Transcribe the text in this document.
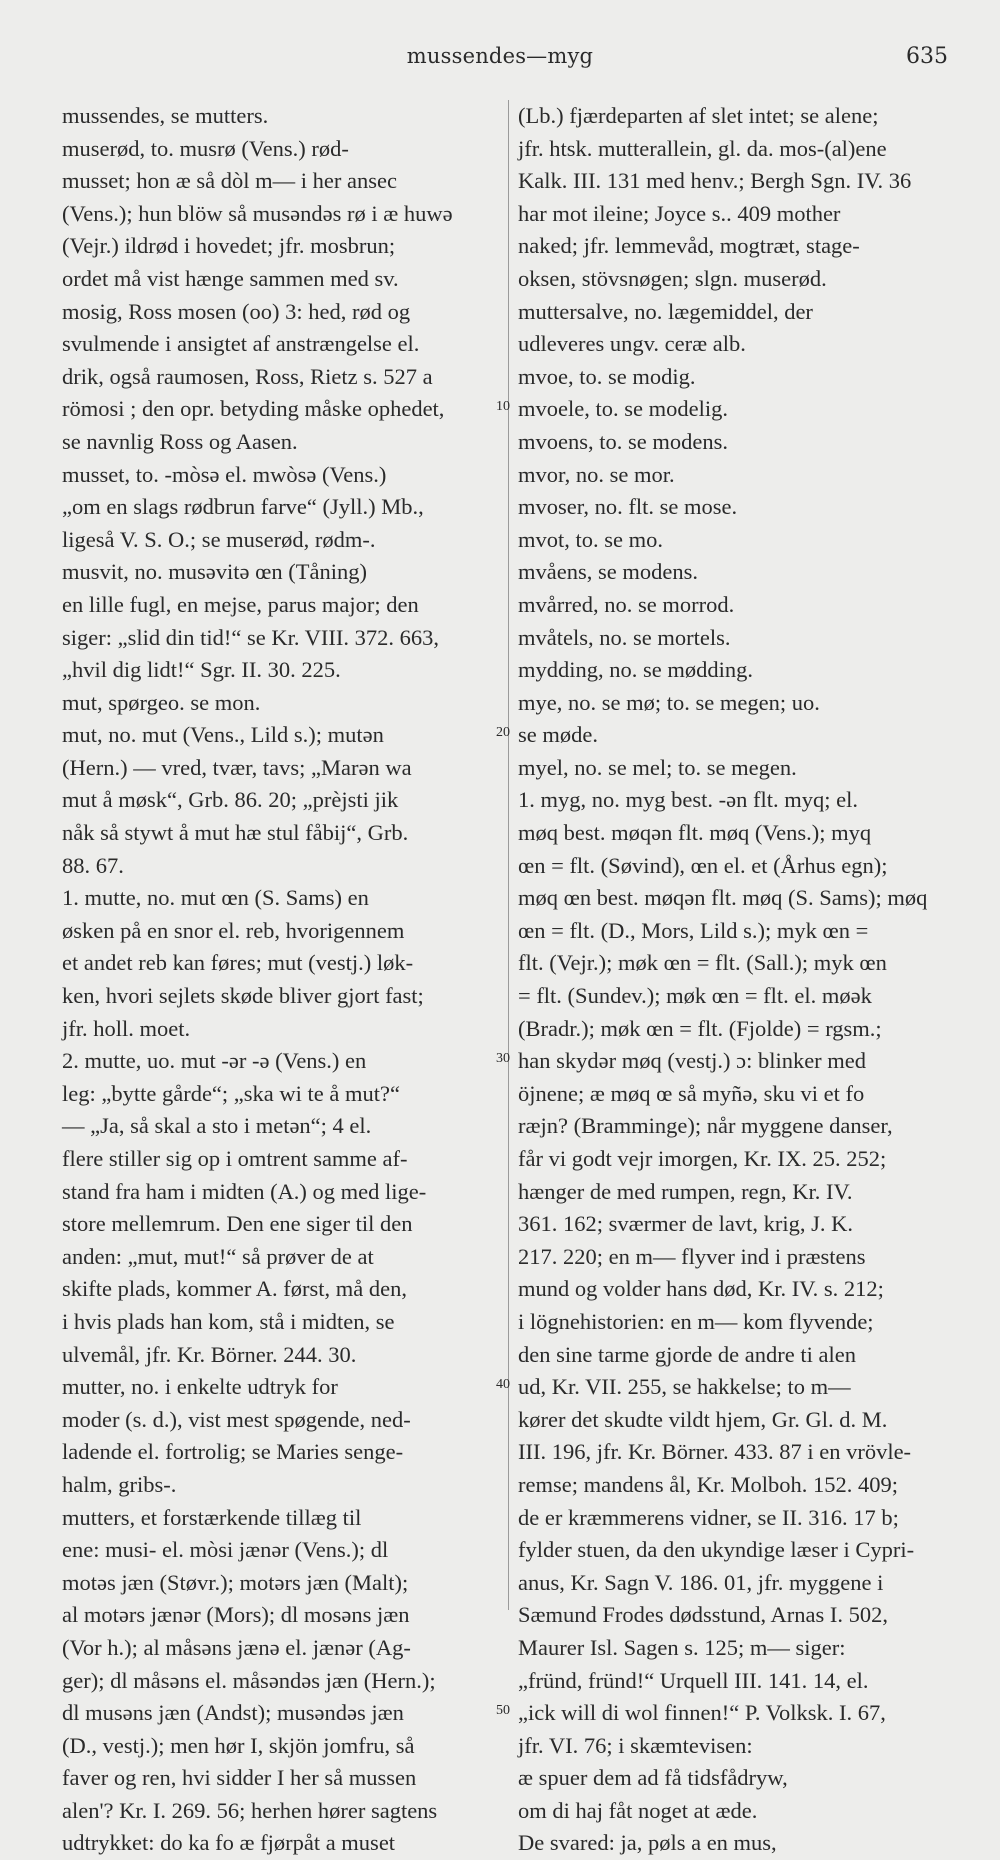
mussendes—myg	635
mussendes, se mutters.
muserød, to. musrø (Vens.) rød-
musset; hon æ så dòl m— i her ansec
(Vens.); hun blöw så musəndəs rø i æ huwə
(Vejr.) ildrød i hovedet; jfr. mosbrun;
ordet må vist hænge sammen med sv.
mosig, Ross mosen (oo) 3: hed, rød og
svulmende i ansigtet af anstrængelse el.
drik, også raumosen, Ross, Rietz s. 527 a
römosi ; den opr. betyding måske ophedet,
se navnlig Ross og Aasen.
musset, to. -mòsə el. mwòsə (Vens.)
„om en slags rødbrun farve“ (Jyll.) Mb.,
ligeså V. S. O.; se muserød, rødm-.
musvit, no. musəvitə œn (Tåning)
en lille fugl, en mejse, parus major; den
siger: „slid din tid!“ se Kr. VIII. 372. 663,
„hvil dig lidt!“ Sgr. II. 30. 225.
mut, spørgeo. se mon.
mut, no. mut (Vens., Lild s.); mutən
(Hern.) — vred, tvær, tavs; „Marən wa
mut å møsk“, Grb. 86. 20; „prèjsti jik
nåk så stywt å mut hæ stul fåbij“, Grb.
88. 67.
1. mutte, no. mut œn (S. Sams) en
øsken på en snor el. reb, hvorigennem
et andet reb kan føres; mut (vestj.) løk-
ken, hvori sejlets skøde bliver gjort fast;
jfr. holl. moet.
2. mutte, uo. mut -ər -ə (Vens.) en
leg: „bytte gårde“; „ska wi te å mut?“
— „Ja, så skal a sto i metən“; 4 el.
flere stiller sig op i omtrent samme af-
stand fra ham i midten (A.) og med lige-
store mellemrum. Den ene siger til den
anden: „mut, mut!“ så prøver de at
skifte plads, kommer A. først, må den,
i hvis plads han kom, stå i midten, se
ulvemål, jfr. Kr. Börner. 244. 30.
mutter, no. i enkelte udtryk for
moder (s. d.), vist mest spøgende, ned-
ladende el. fortrolig; se Maries senge-
halm, gribs-.
mutters, et forstærkende tillæg til
ene: musi- el. mòsi jænər (Vens.); dl
motəs jæn (Støvr.); motərs jæn (Malt);
al motərs jænər (Mors); dl mosəns jæn
(Vor h.); al måsəns jænə el. jænər (Ag-
ger); dl måsəns el. måsəndəs jæn (Hern.);
dl musəns jæn (Andst); musəndəs jæn
(D., vestj.); men hør I, skjön jomfru, så
faver og ren, hvi sidder I her så mussen
alen'? Kr. I. 269. 56; herhen hører sagtens
udtrykket: do ka fo æ fjørpåt a muset
(Lb.) fjærdeparten af slet intet; se alene;
jfr. htsk. mutterallein, gl. da. mos-(al)ene
Kalk. III. 131 med henv.; Bergh Sgn. IV. 36
har mot ileine; Joyce s.. 409 mother
naked; jfr. lemmevåd, mogtræt, stage-
oksen, stövsnøgen; slgn. muserød.
muttersalve, no. lægemiddel, der
udleveres ungv. ceræ alb.
mvoe, to. se modig.
mvoele, to. se modelig.
mvoens, to. se modens.
mvor, no. se mor.
mvoser, no. flt. se mose.
mvot, to. se mo.
mvåens, se modens.
mvårred, no. se morrod.
mvåtels, no. se mortels.
mydding, no. se mødding.
mye, no. se mø; to. se megen; uo.
se møde.
myel, no. se mel; to. se megen.
1. myg, no. myg best. -ən flt. myq; el.
møq best. møqən flt. møq (Vens.); myq
œn = flt. (Søvind), œn el. et (Århus egn);
møq œn best. møqən flt. møq (S. Sams); møq
œn = flt. (D., Mors, Lild s.); myk œn =
flt. (Vejr.); møk œn = flt. (Sall.); myk œn
= flt. (Sundev.); møk œn = flt. el. møək
(Bradr.); møk œn = flt. (Fjolde) = rgsm.;
han skydər møq (vestj.) ɔ: blinker med
öjnene; æ møq œ så myñə, sku vi et fo
ræjn? (Bramminge); når myggene danser,
får vi godt vejr imorgen, Kr. IX. 25. 252;
hænger de med rumpen, regn, Kr. IV.
361. 162; sværmer de lavt, krig, J. K.
217. 220; en m— flyver ind i præstens
mund og volder hans død, Kr. IV. s. 212;
i lögnehistorien: en m— kom flyvende;
den sine tarme gjorde de andre ti alen
ud, Kr. VII. 255, se hakkelse; to m—
kører det skudte vildt hjem, Gr. Gl. d. M.
III. 196, jfr. Kr. Börner. 433. 87 i en vrövle-
remse; mandens ål, Kr. Molboh. 152. 409;
de er kræmmerens vidner, se II. 316. 17 b;
fylder stuen, da den ukyndige læser i Cypri-
anus, Kr. Sagn V. 186. 01, jfr. myggene i
Sæmund Frodes dødsstund, Arnas I. 502,
Maurer Isl. Sagen s. 125; m— siger:
„fründ, fründ!“ Urquell III. 141. 14, el.
„ick will di wol finnen!“ P. Volksk. I. 67,
jfr. VI. 76; i skæmtevisen:
æ spuer dem ad få tidsfådryw,
om di haj fåt noget at æde.
De svared: ja, pøls a en mus,
10
20
30
40
50
